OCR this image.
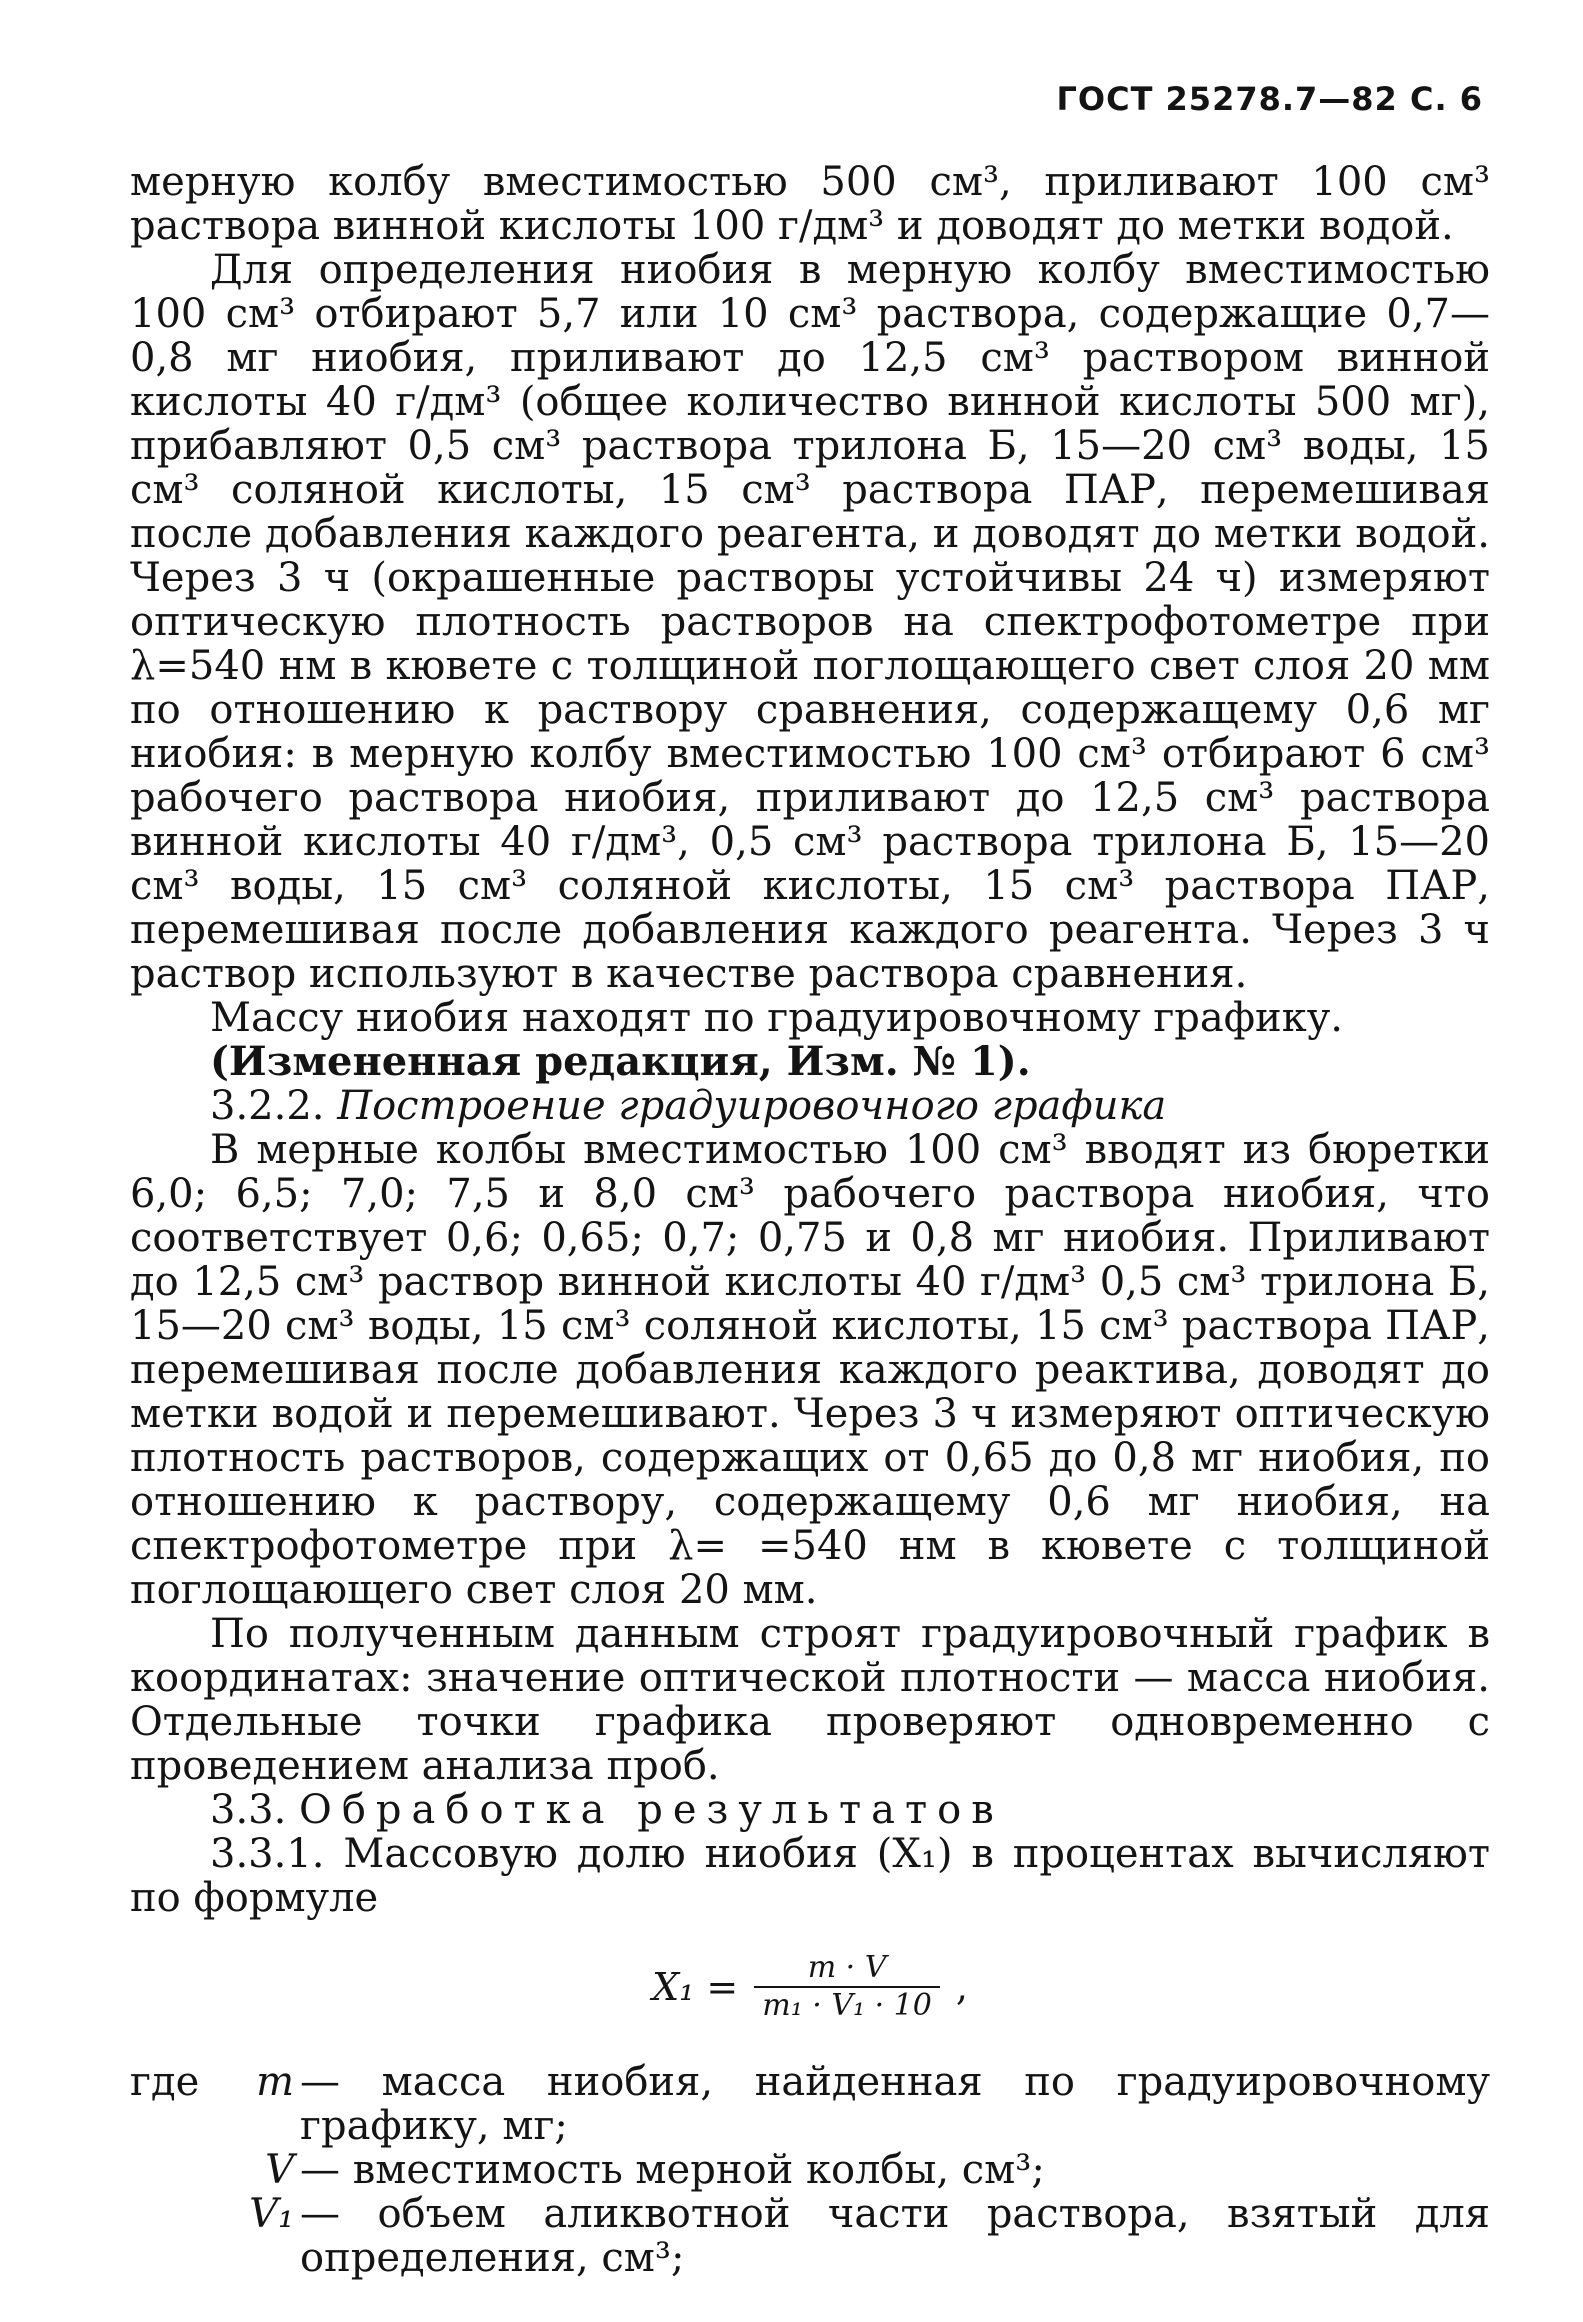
ГОСТ 25278.7—82 С. 6

мерную колбу вместимостью 500 см³, приливают 100 см³ раствора винной кислоты 100 г/дм³ и доводят до метки водой.

Для определения ниобия в мерную колбу вместимостью 100 см³ отбирают 5,7 или 10 см³ раствора, содержащие 0,7—0,8 мг ниобия, приливают до 12,5 см³ раствором винной кислоты 40 г/дм³ (общее количество винной кислоты 500 мг), прибавляют 0,5 см³ раствора трилона Б, 15—20 см³ воды, 15 см³ соляной кислоты, 15 см³ раствора ПАР, перемешивая после добавления каждого реагента, и доводят до метки водой. Через 3 ч (окрашенные растворы устойчивы 24 ч) измеряют оптическую плотность растворов на спектрофотометре при λ=540 нм в кювете с толщиной поглощающего свет слоя 20 мм по отношению к раствору сравнения, содержащему 0,6 мг ниобия: в мерную колбу вместимостью 100 см³ отбирают 6 см³ рабочего раствора ниобия, приливают до 12,5 см³ раствора винной кислоты 40 г/дм³, 0,5 см³ раствора трилона Б, 15—20 см³ воды, 15 см³ соляной кислоты, 15 см³ раствора ПАР, перемешивая после добавления каждого реагента. Через 3 ч раствор используют в качестве раствора сравнения.

Массу ниобия находят по градуировочному графику.

(Измененная редакция, Изм. № 1).

3.2.2. Построение градуировочного графика

В мерные колбы вместимостью 100 см³ вводят из бюретки 6,0; 6,5; 7,0; 7,5 и 8,0 см³ рабочего раствора ниобия, что соответствует 0,6; 0,65; 0,7; 0,75 и 0,8 мг ниобия. Приливают до 12,5 см³ раствор винной кислоты 40 г/дм³ 0,5 см³ трилона Б, 15—20 см³ воды, 15 см³ соляной кислоты, 15 см³ раствора ПАР, перемешивая после добавления каждого реактива, доводят до метки водой и перемешивают. Через 3 ч измеряют оптическую плотность растворов, содержащих от 0,65 до 0,8 мг ниобия, по отношению к раствору, содержащему 0,6 мг ниобия, на спектрофотометре при λ= =540 нм в кювете с толщиной поглощающего свет слоя 20 мм.

По полученным данным строят градуировочный график в координатах: значение оптической плотности — масса ниобия. Отдельные точки графика проверяют одновременно с проведением анализа проб.

3.3. Обработка результатов

3.3.1. Массовую долю ниобия (X₁) в процентах вычисляют по формуле

$X_1 = \frac{m \cdot V}{\text{m₁ · V₁ · 10}}$ ,
где	m — масса ниобия, найденная по градуировочному графику, мг;
V — вместимость мерной колбы, см³;
V₁ — объем аликвотной части раствора, взятый для определения, см³;
